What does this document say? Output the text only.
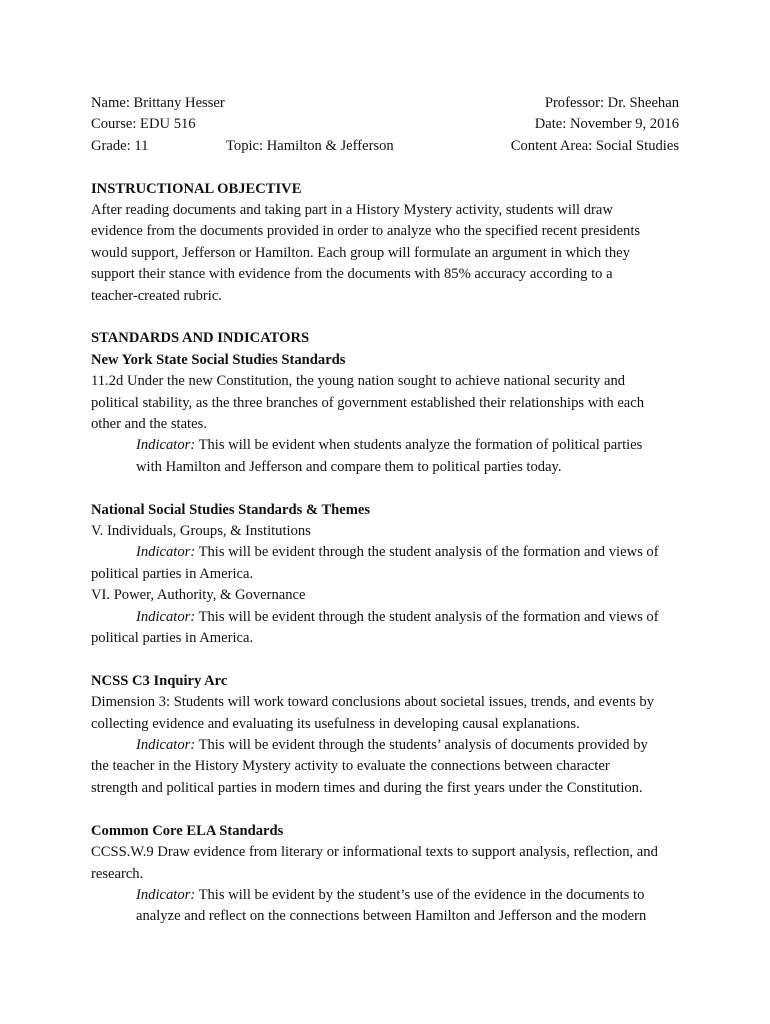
Name: Brittany Hesser	Professor: Dr. Sheehan
Course: EDU 516	Date: November 9, 2016
Grade: 11	Topic: Hamilton & Jefferson	Content Area: Social Studies

INSTRUCTIONAL OBJECTIVE

After reading documents and taking part in a History Mystery activity, students will draw
evidence from the documents provided in order to analyze who the specified recent presidents
would support, Jefferson or Hamilton. Each group will formulate an argument in which they
support their stance with evidence from the documents with 85% accuracy according to a
teacher-created rubric.

STANDARDS AND INDICATORS

New York State Social Studies Standards

11.2d Under the new Constitution, the young nation sought to achieve national security and
political stability, as the three branches of government established their relationships with each
other and the states.
Indicator: This will be evident when students analyze the formation of political parties
with Hamilton and Jefferson and compare them to political parties today.

National Social Studies Standards & Themes

V. Individuals, Groups, & Institutions
Indicator: This will be evident through the student analysis of the formation and views of
political parties in America.
VI. Power, Authority, & Governance
Indicator: This will be evident through the student analysis of the formation and views of
political parties in America.

NCSS C3 Inquiry Arc

Dimension 3: Students will work toward conclusions about societal issues, trends, and events by
collecting evidence and evaluating its usefulness in developing causal explanations.
Indicator: This will be evident through the students’ analysis of documents provided by
the teacher in the History Mystery activity to evaluate the connections between character
strength and political parties in modern times and during the first years under the Constitution.

Common Core ELA Standards

CCSS.W.9 Draw evidence from literary or informational texts to support analysis, reflection, and
research.
Indicator: This will be evident by the student’s use of the evidence in the documents to
analyze and reflect on the connections between Hamilton and Jefferson and the modern
